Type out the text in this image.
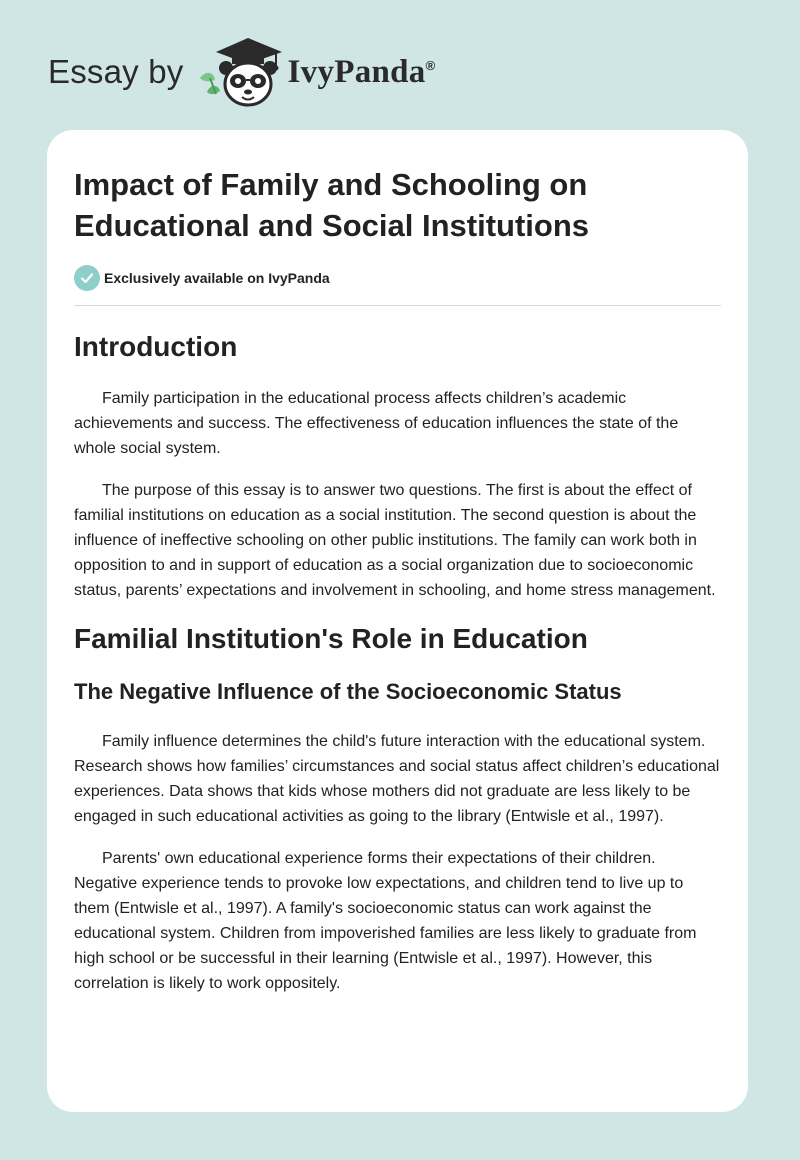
Essay by	IvyPanda®
Impact of Family and Schooling on Educational and Social Institutions
Exclusively available on IvyPanda
Introduction

Family participation in the educational process affects children’s academic achievements and success. The effectiveness of education influences the state of the whole social system.

The purpose of this essay is to answer two questions. The first is about the effect of familial institutions on education as a social institution. The second question is about the influence of ineffective schooling on other public institutions. The family can work both in opposition to and in support of education as a social organization due to socioeconomic status, parents’ expectations and involvement in schooling, and home stress management.

Familial Institution's Role in Education
The Negative Influence of the Socioeconomic Status

Family influence determines the child's future interaction with the educational system. Research shows how families’ circumstances and social status affect children’s educational experiences. Data shows that kids whose mothers did not graduate are less likely to be engaged in such educational activities as going to the library (Entwisle et al., 1997).

Parents' own educational experience forms their expectations of their children. Negative experience tends to provoke low expectations, and children tend to live up to them (Entwisle et al., 1997). A family's socioeconomic status can work against the educational system. Children from impoverished families are less likely to graduate from high school or be successful in their learning (Entwisle et al., 1997). However, this correlation is likely to work oppositely.
